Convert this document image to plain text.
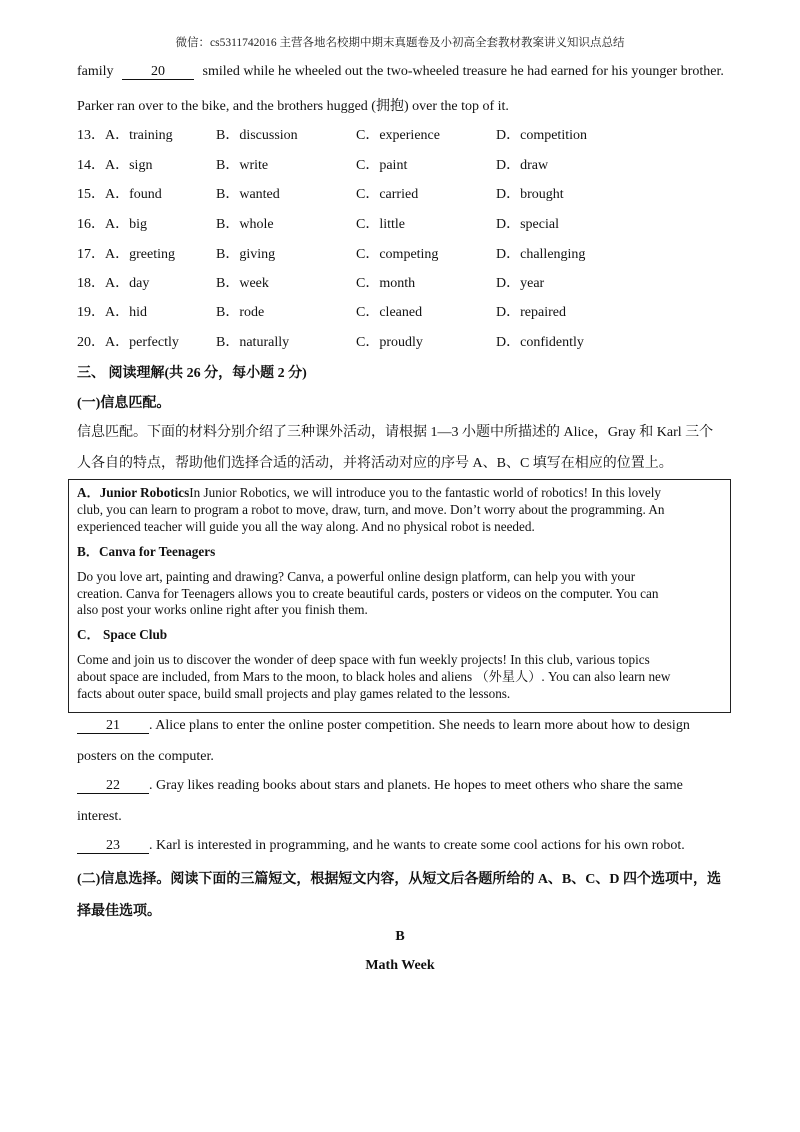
微信：cs5311742016 主营各地名校期中期末真题卷及小初高全套教材教案讲义知识点总结
family	20	smiled while he wheeled out the two-wheeled treasure he had earned for his younger brother.
Parker ran over to the bike, and the brothers hugged (拥抱) over the top of it.
13．A．training	B．discussion	C．experience	D．competition
14．A．sign	B．write	C．paint	D．draw
15．A．found	B．wanted	C．carried	D．brought
16．A．big	B．whole	C．little	D．special
17．A．greeting	B．giving	C．competing	D．challenging
18．A．day	B．week	C．month	D．year
19．A．hid	B．rode	C．cleaned	D．repaired
20．A．perfectly	B．naturally	C．proudly	D．confidently
三、 阅读理解(共 26 分，每小题 2 分)
(一)信息匹配。
信息匹配。下面的材料分别介绍了三种课外活动，请根据 1—3 小题中所描述的 Alice，Gray 和 Karl 三个
人各自的特点，帮助他们选择合适的活动，并将活动对应的序号 A、B、C 填写在相应的位置上。
A．Junior RoboticsIn Junior Robotics, we will introduce you to the fantastic world of robotics! In this lovely
club, you can learn to program a robot to move, draw, turn, and move. Don’t worry about the programming. An
experienced teacher will guide you all the way along. And no physical robot is needed.
B．Canva for Teenagers
Do you love art, painting and drawing? Canva, a powerful online design platform, can help you with your
creation. Canva for Teenagers allows you to create beautiful cards, posters or videos on the computer. You can
also post your works online right after you finish them.
C． Space Club
Come and join us to discover the wonder of deep space with fun weekly projects! In this club, various topics
about space are included, from Mars to the moon, to black holes and aliens （外星人）. You can also learn new
facts about outer space, build small projects and play games related to the lessons.
21 . Alice plans to enter the online poster competition. She needs to learn more about how to design
posters on the computer.
22 . Gray likes reading books about stars and planets. He hopes to meet others who share the same
interest.
23 . Karl is interested in programming, and he wants to create some cool actions for his own robot.
(二)信息选择。阅读下面的三篇短文，根据短文内容，从短文后各题所给的 A、B、C、D 四个选项中，选
择最佳选项。
B
Math Week
